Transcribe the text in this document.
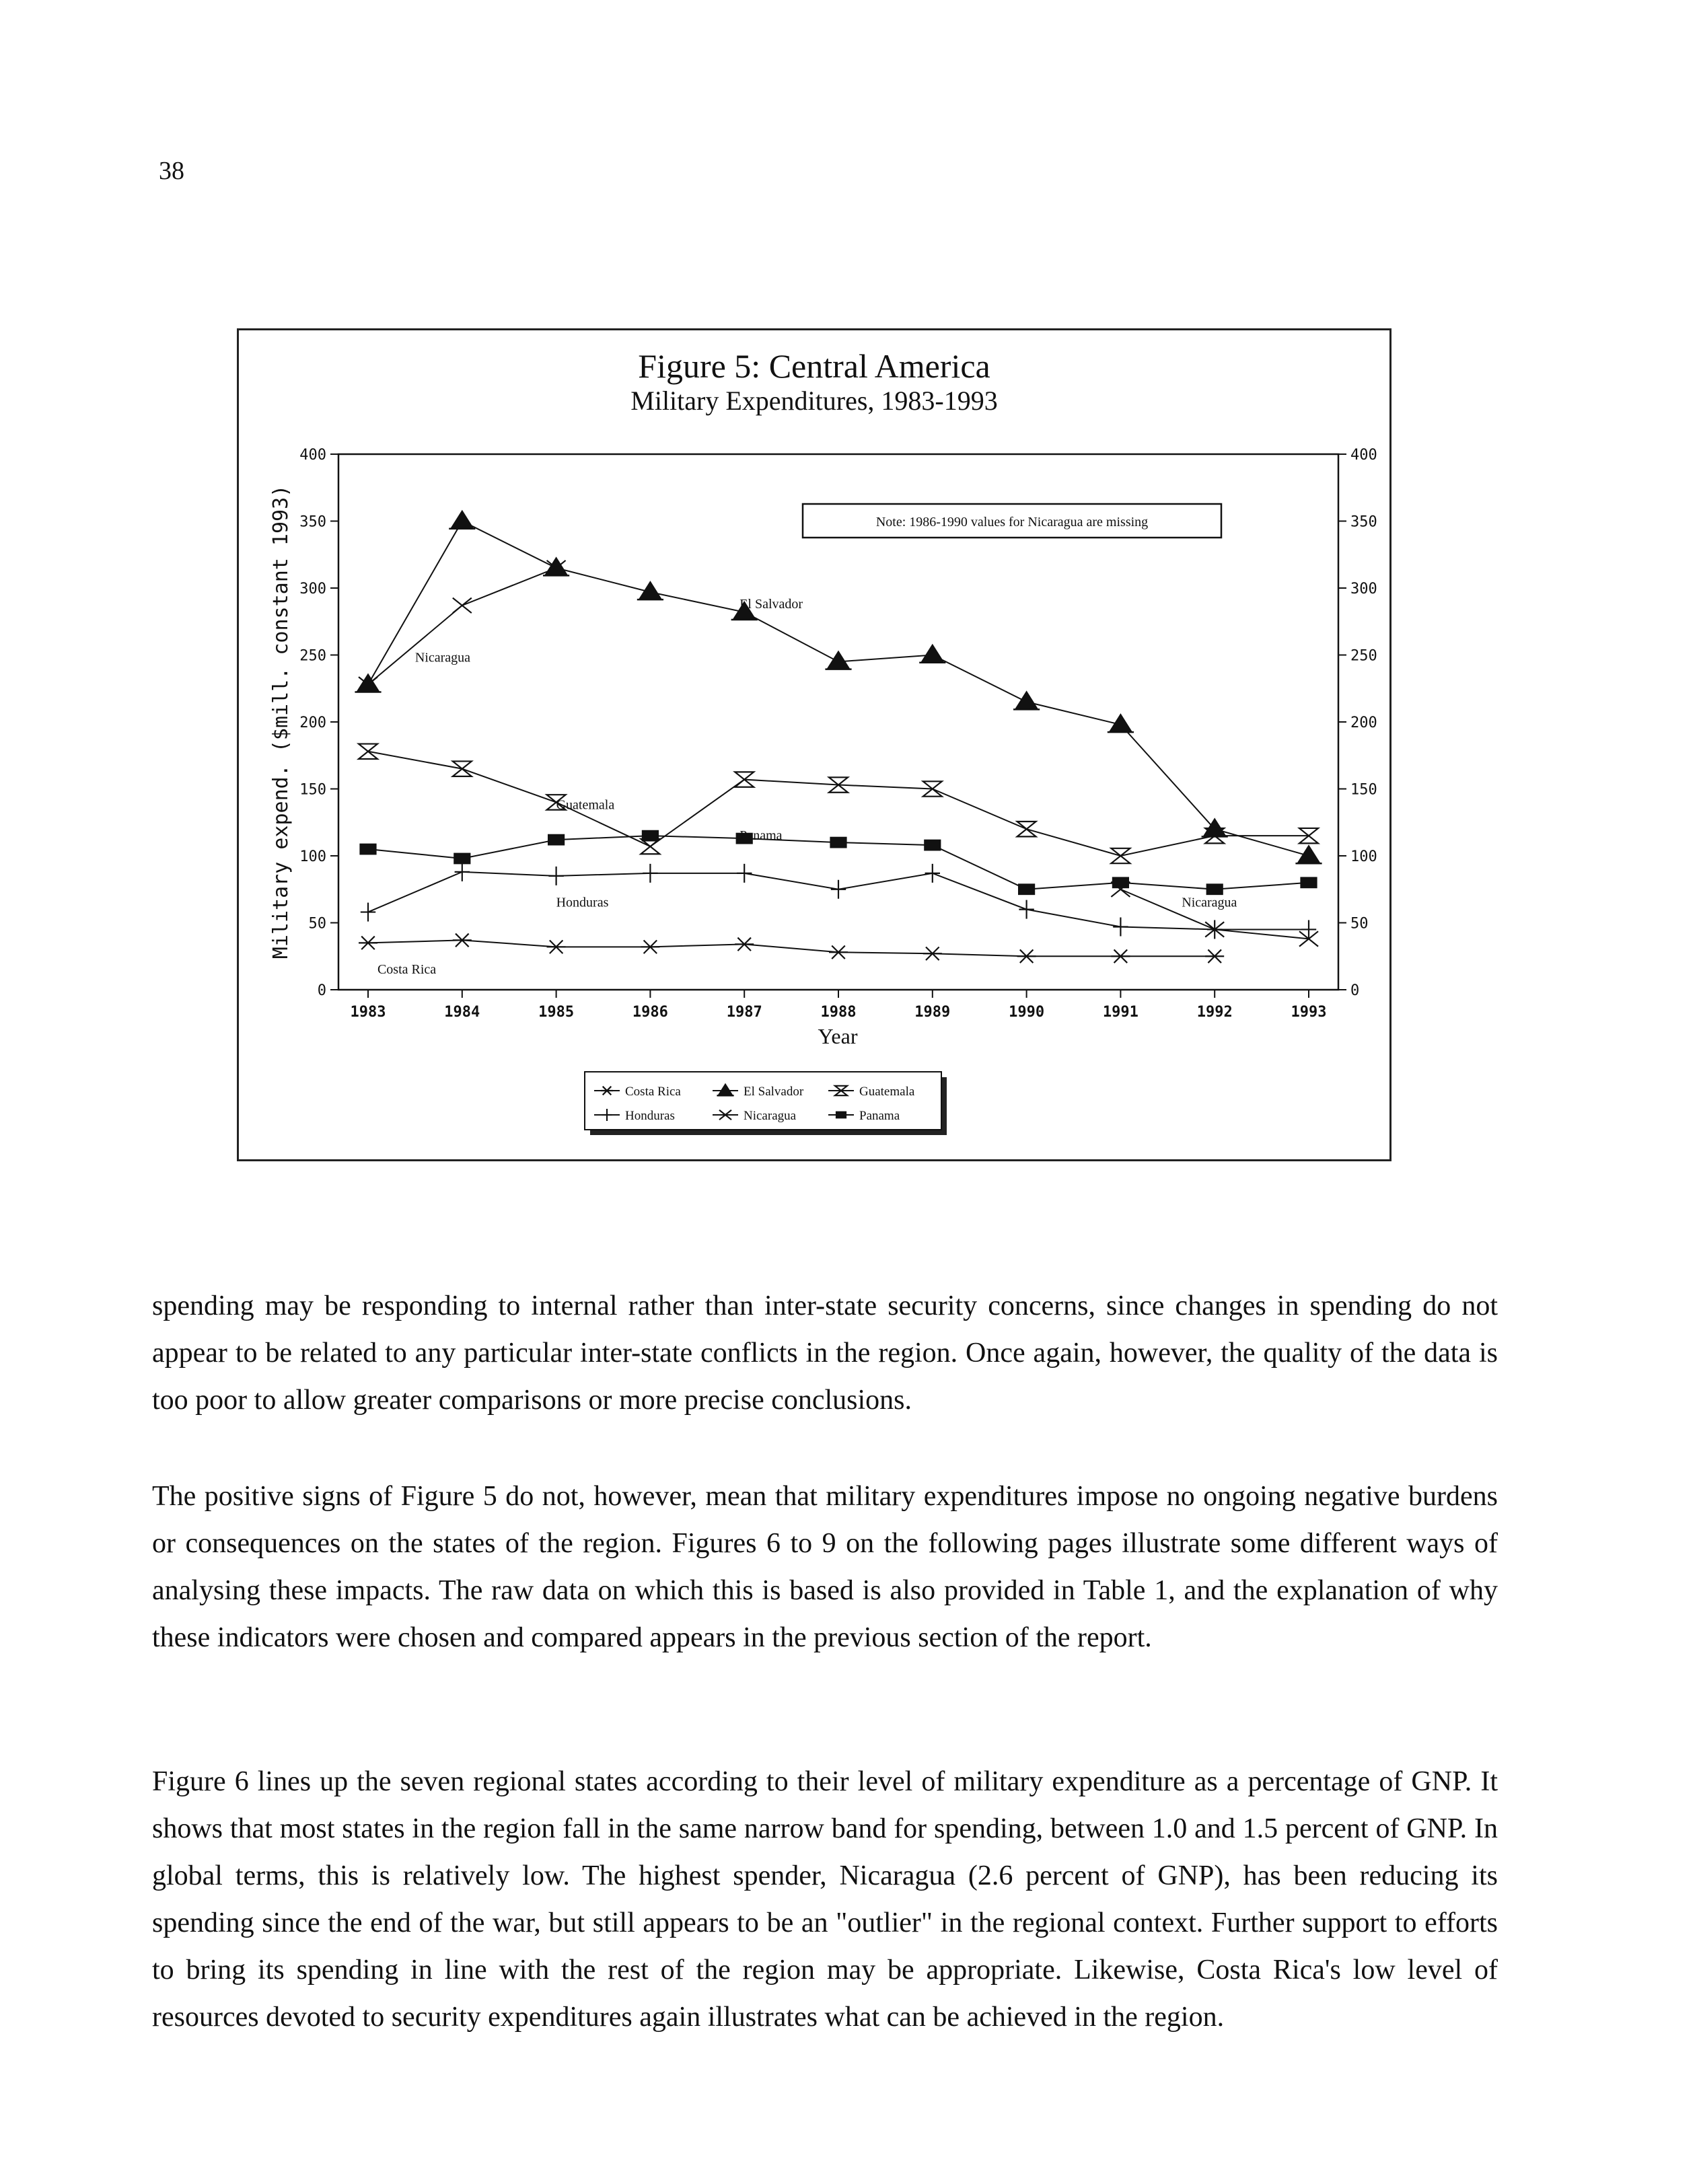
38
Figure 5: Central America
Military Expenditures, 1983-1993
0	0
50	50
100	100
150	150
200	200
250	250
300	300
350	350
400	400
1983	1984	1985	1986	1987	1988	1989	1990	1991	1992	1993
Year
Military expend. ($mill. constant 1993)	Note: 1986-1990 values for Nicaragua are missing
Costa Rica
El Salvador
Guatemala
Honduras
Nicaragua
Panama
Nicaragua
Costa Rica	El Salvador	Guatemala
Honduras	Nicaragua	Panama

spending may be responding to internal rather than inter-state security concerns, since changes in spending do not appear to be related to any particular inter-state conflicts in the region. Once again, however, the quality of the data is too poor to allow greater comparisons or more precise conclusions.

The positive signs of Figure 5 do not, however, mean that military expenditures impose no ongoing negative burdens or consequences on the states of the region. Figures 6 to 9 on the following pages illustrate some different ways of analysing these impacts. The raw data on which this is based is also provided in Table 1, and the explanation of why these indicators were chosen and compared appears in the previous section of the report.

Figure 6 lines up the seven regional states according to their level of military expenditure as a percentage of GNP. It shows that most states in the region fall in the same narrow band for spending, between 1.0 and 1.5 percent of GNP. In global terms, this is relatively low. The highest spender, Nicaragua (2.6 percent of GNP), has been reducing its spending since the end of the war, but still appears to be an "outlier" in the regional context. Further support to efforts to bring its spending in line with the rest of the region may be appropriate. Likewise, Costa Rica's low level of resources devoted to security expenditures again illustrates what can be achieved in the region.
